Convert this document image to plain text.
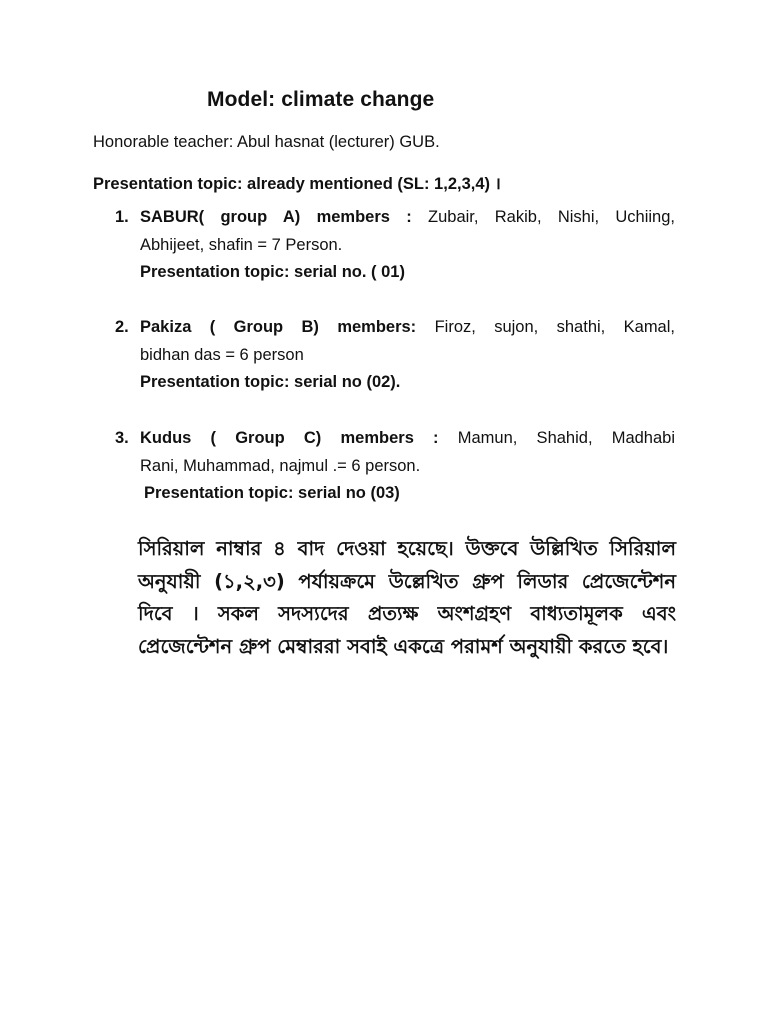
Model: climate change
Honorable teacher: Abul hasnat (lecturer) GUB.
Presentation topic: already mentioned (SL: 1,2,3,4) ।
1. SABUR( group A) members : Zubair, Rakib, Nishi, Uchiing,
Abhijeet, shafin = 7 Person.
Presentation topic: serial no. ( 01)
2. Pakiza ( Group B) members: Firoz, sujon, shathi, Kamal,
bidhan das = 6 person
Presentation topic: serial no (02).
3. Kudus ( Group C) members : Mamun, Shahid, Madhabi
Rani, Muhammad, najmul .= 6 person.
Presentation topic: serial no (03)
সিরিয়াল নাম্বার ৪ বাদ দেওয়া হয়েছে। উক্তবে উল্লিখিত সিরিয়াল অনুযায়ী (১,২,৩) পর্যায়ক্রমে উল্লেখিত গ্রুপ লিডার প্রেজেন্টেশন দিবে । সকল সদস্যদের প্রত্যক্ষ অংশগ্রহণ বাধ্যতামূলক এবং প্রেজেন্টেশন গ্রুপ মেম্বাররা সবাই একত্রে পরামর্শ অনুযায়ী করতে হবে।
